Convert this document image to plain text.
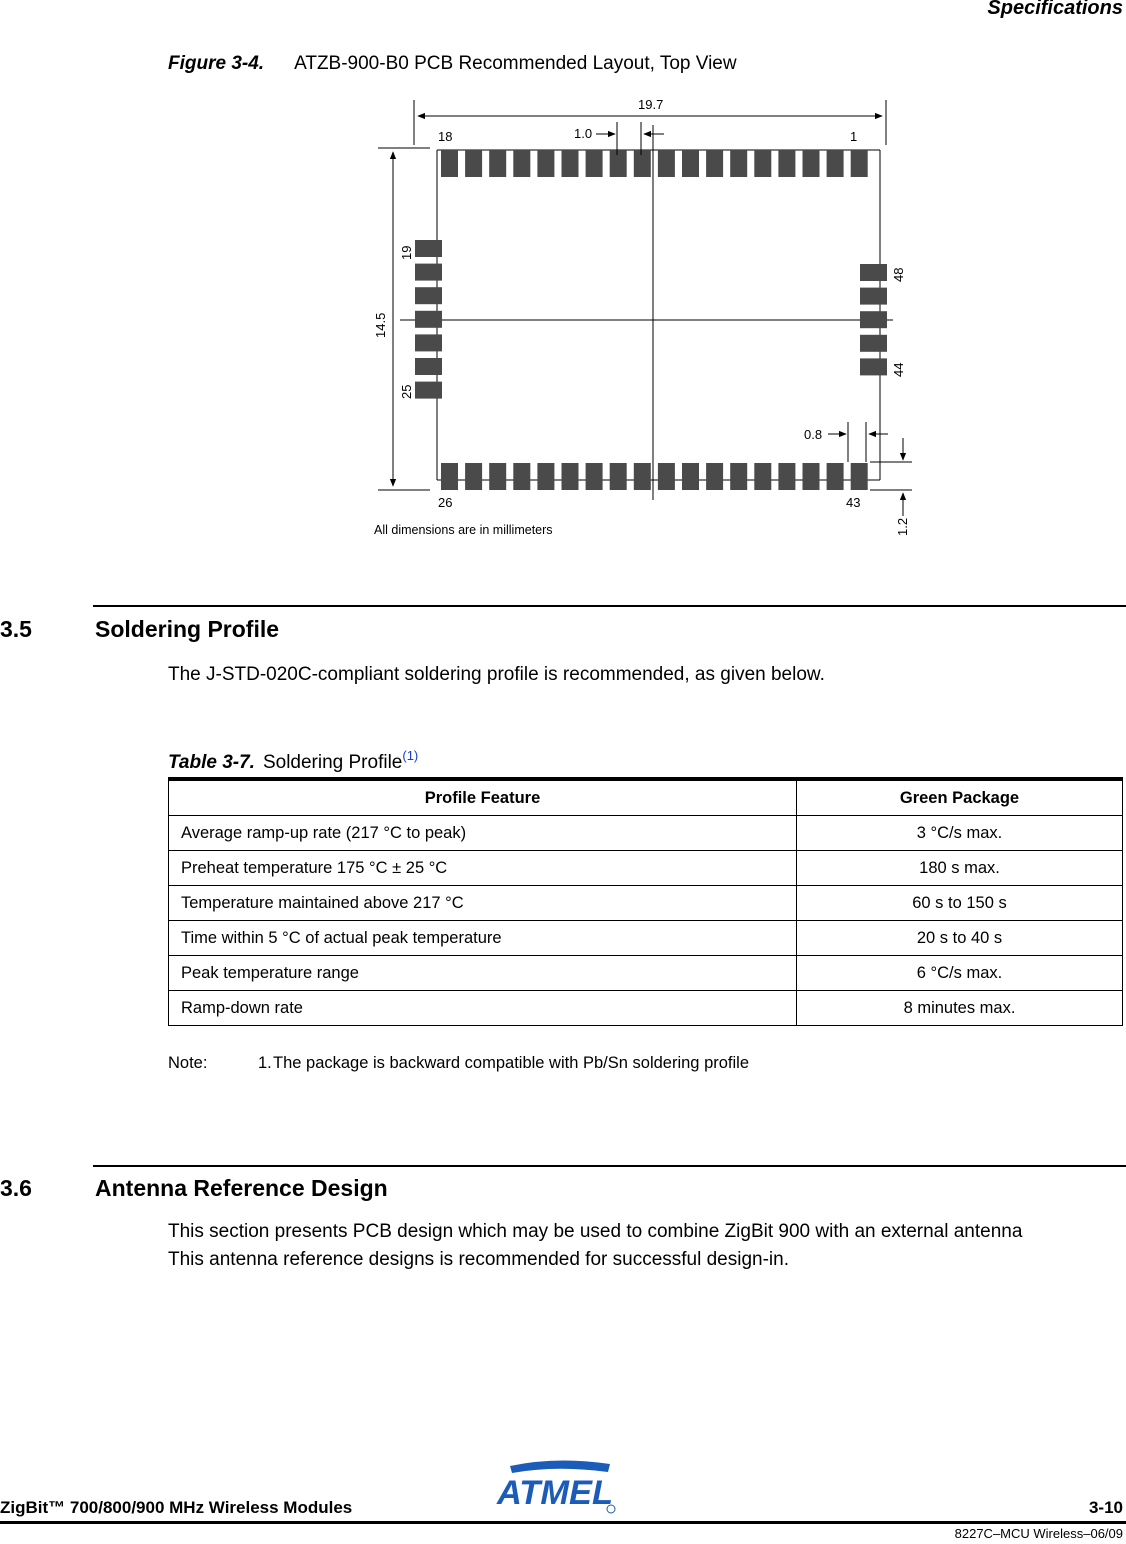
Specifications
Figure 3-4. ATZB-900-B0 PCB Recommended Layout, Top View
19.7
1.0
18	1
26	43
0.8
All dimensions are in millimeters
14.5
19
25
48
44
1.2
3.5	Soldering Profile
The J-STD-020C-compliant soldering profile is recommended, as given below.
Table 3-7. Soldering Profile$^{(1)}$
Profile Feature	Green Package
Average ramp-up rate (217 °C to peak)	3 °C/s max.
Preheat temperature 175 °C ± 25 °C	180 s max.
Temperature maintained above 217 °C	60 s to 150 s
Time within 5 °C of actual peak temperature	20 s to 40 s
Peak temperature range	6 °C/s max.
Ramp-down rate	8 minutes max.
Note:	1.The package is backward compatible with Pb/Sn soldering profile
3.6	Antenna Reference Design
This section presents PCB design which may be used to combine ZigBit 900 with an external antenna
This antenna reference designs is recommended for successful design-in.
ATMEL
ZigBit™ 700/800/900 MHz Wireless Modules	3-10
8227C–MCU Wireless–06/09
